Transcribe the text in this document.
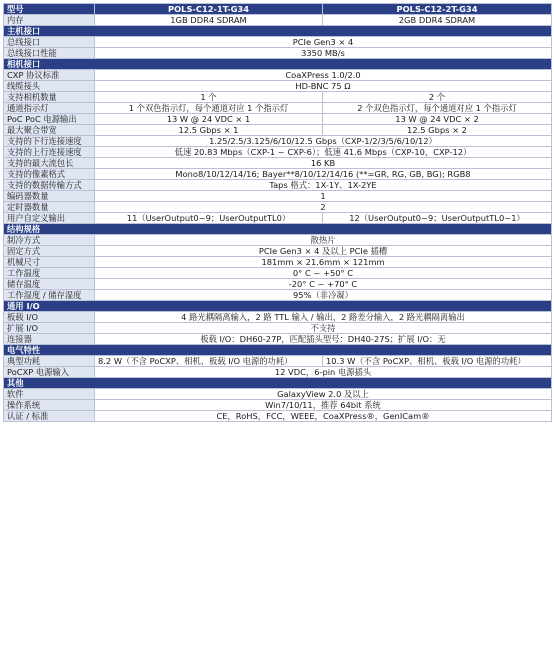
型号	POLS-C12-1T-G34	POLS-C12-2T-G34
内存	1GB DDR4 SDRAM	2GB DDR4 SDRAM
主机接口		
总线接口	PCIe Gen3 × 4	
总线接口性能	3350 MB/s	
相机接口		
CXP 协议标准	CoaXPress 1.0/2.0	
线缆接头	HD-BNC 75 Ω	
支持相机数量	1 个	2 个
通道指示灯	1 个双色指示灯，每个通道对应 1 个指示灯	2 个双色指示灯，每个通道对应 1 个指示灯
PoC PoC 电源输出	13 W @ 24 VDC × 1	13 W @ 24 VDC × 2
最大聚合带宽	12.5 Gbps × 1	12.5 Gbps × 2
支持的下行连接速度	1.25/2.5/3.125/6/10/12.5 Gbps（CXP-1/2/3/5/6/10/12）	
支持的上行连接速度	低速 20.83 Mbps（CXP-1 ~ CXP-6）；低速 41.6 Mbps（CXP-10，CXP-12）	
支持的最大流包长	16 KB	
支持的像素格式	Mono8/10/12/14/16; Bayer**8/10/12/14/16 (**=GR, RG, GB, BG); RGB8	
支持的数据传输方式	Taps 格式：1X-1Y、1X-2YE	
编码器数量	1	
定时器数量	2	
用户自定义输出	11（UserOutput0~9；UserOutputTL0）	12（UserOutput0~9；UserOutputTL0~1）
结构规格		
制冷方式	散热片	
固定方式	PCIe Gen3 × 4 及以上 PCIe 插槽	
机械尺寸	181mm × 21.6mm × 121mm	
工作温度	0° C ~ +50° C	
储存温度	-20° C ~ +70° C	
工作湿度 / 储存湿度	95%（非冷凝）	
通用 I/O		
板载 I/O	4 路光耦隔离输入，2 路 TTL 输入 / 输出，2 路差分输入，2 路光耦隔离输出	
扩展 I/O	不支持	
连接器	板载 I/O：DH60-27P，匹配插头型号：DH40-27S；扩展 I/O：无	
电气特性		
典型功耗	8.2 W（不含 PoCXP、相机、板载 I/O 电源的功耗）	10.3 W（不含 PoCXP、相机、板载 I/O 电源的功耗）
PoCXP 电源输入	12 VDC，6-pin 电源插头	
其他		
软件	GalaxyView 2.0 及以上	
操作系统	Win7/10/11，推荐 64bit 系统	
认证 / 标准	CE，RoHS，FCC，WEEE，CoaXPress®，GenICam®	
